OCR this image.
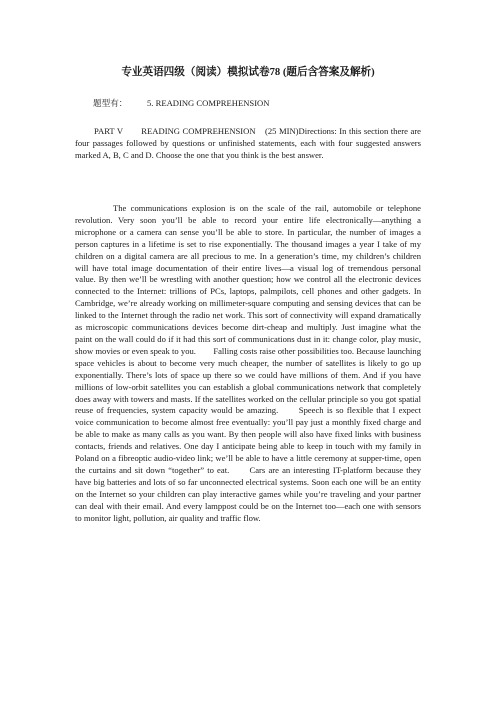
专业英语四级（阅读）模拟试卷78 (题后含答案及解析)
题型有： 5. READING COMPREHENSION
PART V　　READING COMPREHENSION　(25 MIN)Directions: In this section there are four passages followed by questions or unfinished statements, each with four suggested answers marked A, B, C and D. Choose the one that you think is the best answer.
The communications explosion is on the scale of the rail, automobile or telephone revolution. Very soon you’ll be able to record your entire life electronically—anything a microphone or a camera can sense you’ll be able to store. In particular, the number of images a person captures in a lifetime is set to rise exponentially. The thousand images a year I take of my children on a digital camera are all precious to me. In a generation’s time, my children’s children will have total image documentation of their entire lives—a visual log of tremendous personal value. By then we’ll be wrestling with another question; how we control all the electronic devices connected to the Internet: trillions of PCs, laptops, palmpilots, cell phones and other gadgets. In Cambridge, we’re already working on millimeter-square computing and sensing devices that can be linked to the Internet through the radio net work. This sort of connectivity will expand dramatically as microscopic communications devices become dirt-cheap and multiply. Just imagine what the paint on the wall could do if it had this sort of communications dust in it: change color, play music, show movies or even speak to you.　　Falling costs raise other possibilities too. Because launching space vehicles is about to become very much cheaper, the number of satellites is likely to go up exponentially. There’s lots of space up there so we could have millions of them. And if you have millions of low-orbit satellites you can establish a global communications network that completely does away with towers and masts. If the satellites worked on the cellular principle so you got spatial reuse of frequencies, system capacity would be amazing.　　Speech is so flexible that I expect voice communication to become almost free eventually: you’ll pay just a monthly fixed charge and be able to make as many calls as you want. By then people will also have fixed links with business contacts, friends and relatives. One day I anticipate being able to keep in touch with my family in Poland on a fibreoptic audio-video link; we’ll be able to have a little ceremony at supper-time, open the curtains and sit down “together” to eat.　　Cars are an interesting IT-platform because they have big batteries and lots of so far unconnected electrical systems. Soon each one will be an entity on the Internet so your children can play interactive games while you’re traveling and your partner can deal with their email. And every lamppost could be on the Internet too—each one with sensors to monitor light, pollution, air quality and traffic flow.
